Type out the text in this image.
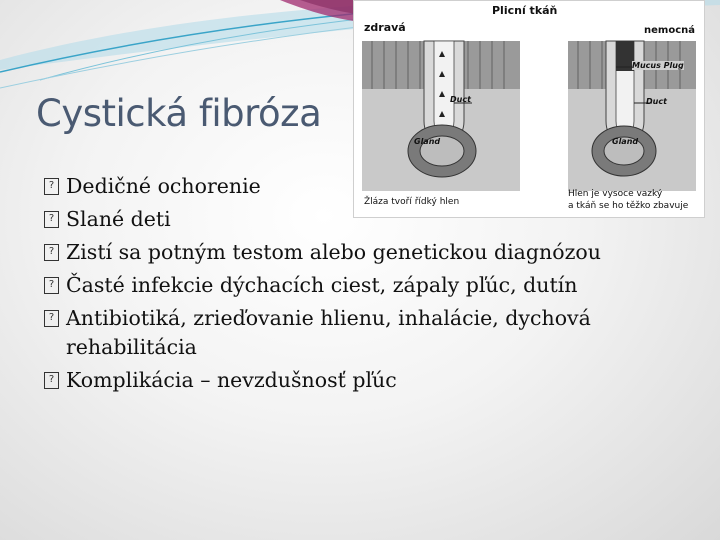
Cystická fibróza
Plicní tkáň
zdravá	nemocná
Duct
Gland
Mucus Plug
Duct
Gland
Žláza tvoří řídký hlen
Hlen je vysoce vazký
a tkáň se ho těžko zbavuje
? Dedičné ochorenie
? Slané deti
? Zistí sa potným testom alebo genetickou diagnózou
? Časté infekcie dýchacích ciest, zápaly pľúc, dutín
? Antibiotiká, zrieďovanie hlienu, inhalácie, dychová rehabilitácia
? Komplikácia – nevzdušnosť pľúc
